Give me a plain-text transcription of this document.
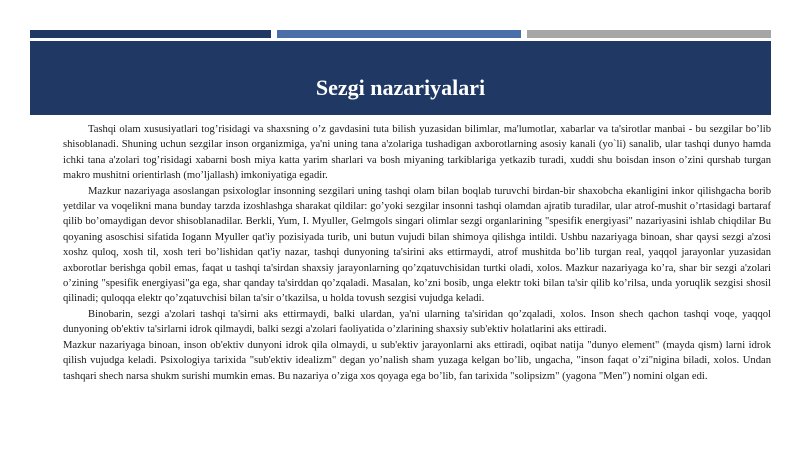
Sezgi nazariyalari

Tashqi olam xususiyatlari tog’risidagi va shaxsning o’z gavdasini tuta bilish yuzasidan bilimlar, ma'lumotlar, xabarlar va ta'sirotlar manbai - bu sezgilar bo’lib shisoblanadi. Shuning uchun sezgilar inson organizmiga, ya'ni uning tana a'zolariga tushadigan axborotlarning asosiy kanali (yo`li) sanalib, ular tashqi dunyo hamda ichki tana a'zolari tog’risidagi xabarni bosh miya katta yarim sharlari va bosh miyaning tarkiblariga yetkazib turadi, xuddi shu boisdan inson o’zini qurshab turgan makro mushitni orientirlash (mo’ljallash) imkoniyatiga egadir.

Mazkur nazariyaga asoslangan psixologlar insonning sezgilari uning tashqi olam bilan boqlab turuvchi birdan-bir shaxobcha ekanligini inkor qilishgacha borib yetdilar va voqelikni mana bunday tarzda izoshlashga sharakat qildilar: go’yoki sezgilar insonni tashqi olamdan ajratib turadilar, ular atrof-mushit o’rtasidagi bartaraf qilib bo’omaydigan devor shisoblanadilar. Berkli, Yum, I. Myuller, Gelmgols singari olimlar sezgi organlarining "spesifik energiyasi" nazariyasini ishlab chiqdilar Bu qoyaning asoschisi sifatida Iogann Myuller qat'iy pozisiyada turib, uni butun vujudi bilan shimoya qilishga intildi. Ushbu nazariyaga binoan, shar qaysi sezgi a'zosi xoshz quloq, xosh til, xosh teri bo’lishidan qat'iy nazar, tashqi dunyoning ta'sirini aks ettirmaydi, atrof mushitda bo’lib turgan real, yaqqol jarayonlar yuzasidan axborotlar berishga qobil emas, faqat u tashqi ta'sirdan shaxsiy jarayonlarning qo’zqatuvchisidan turtki oladi, xolos. Mazkur nazariyaga ko’ra, shar bir sezgi a'zolari o’zining "spesifik energiyasi"ga ega, shar qanday ta'sirddan qo’zqaladi. Masalan, ko’zni bosib, unga elektr toki bilan ta'sir qilib ko’rilsa, unda yoruqlik sezgisi shosil qilinadi; quloqqa elektr qo’zqatuvchisi bilan ta'sir o’tkazilsa, u holda tovush sezgisi vujudga keladi.

Binobarin, sezgi a'zolari tashqi ta'sirni aks ettirmaydi, balki ulardan, ya'ni ularning ta'siridan qo’zqaladi, xolos. Inson shech qachon tashqi voqe, yaqqol dunyoning ob'ektiv ta'sirlarni idrok qilmaydi, balki sezgi a'zolari faoliyatida o’zlarining shaxsiy sub'ektiv holatlarini aks ettiradi.

Mazkur nazariyaga binoan, inson ob'ektiv dunyoni idrok qila olmaydi, u sub'ektiv jarayonlarni aks ettiradi, oqibat natija "dunyo element" (mayda qism) larni idrok qilish vujudga keladi. Psixologiya tarixida "sub'ektiv idealizm" degan yo’nalish sham yuzaga kelgan bo’lib, ungacha, "inson faqat o’zi"nigina biladi, xolos. Undan tashqari shech narsa shukm surishi mumkin emas. Bu nazariya o’ziga xos qoyaga ega bo’lib, fan tarixida "solipsizm" (yagona "Men") nomini olgan edi.
